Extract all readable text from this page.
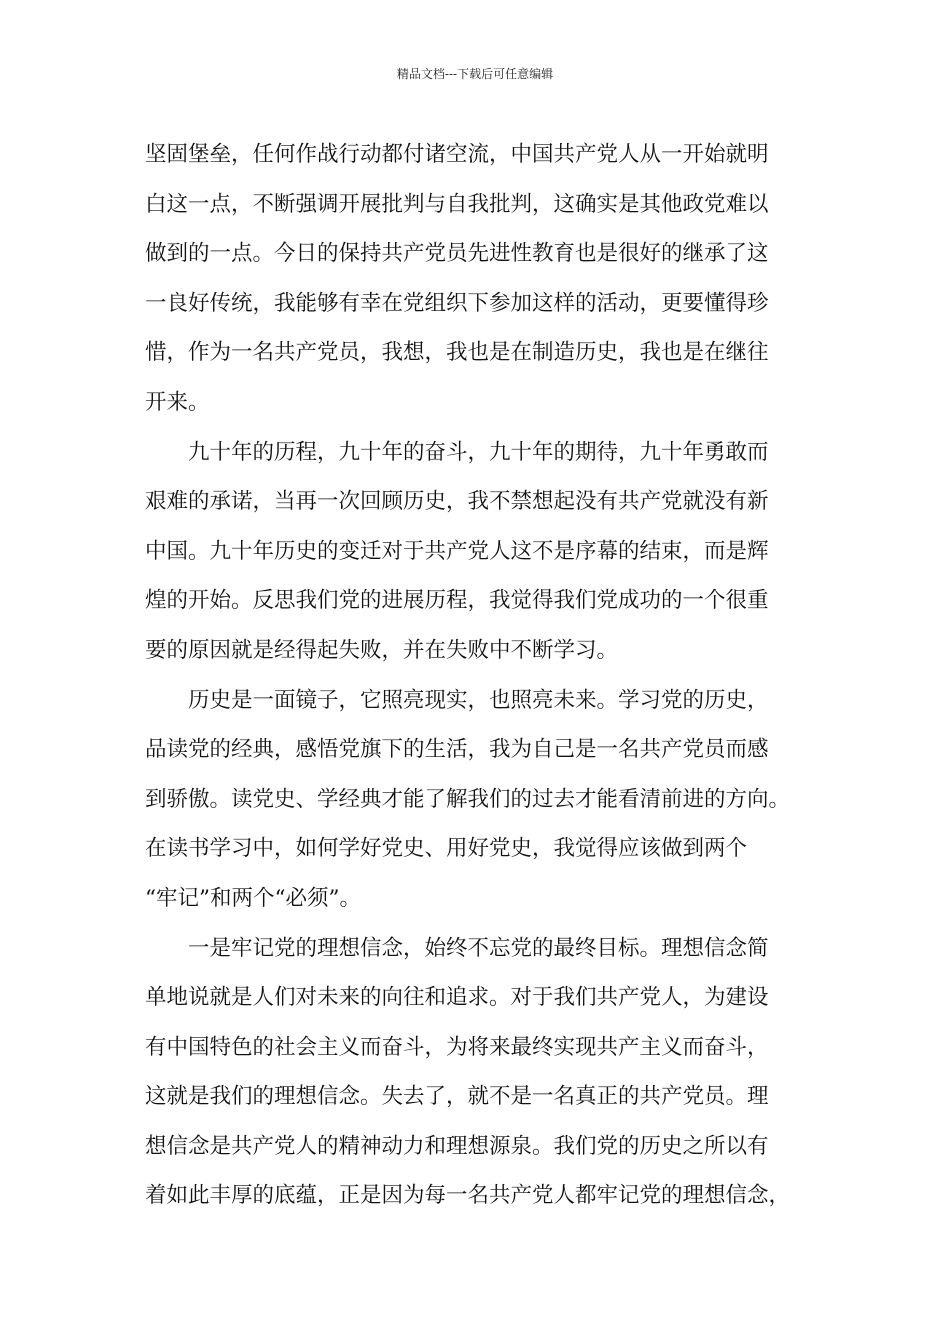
精品文档---下载后可任意编辑
坚固堡垒，任何作战行动都付诸空流，中国共产党人从一开始就明
白这一点，不断强调开展批判与自我批判，这确实是其他政党难以
做到的一点。今日的保持共产党员先进性教育也是很好的继承了这
一良好传统，我能够有幸在党组织下参加这样的活动，更要懂得珍
惜，作为一名共产党员，我想，我也是在制造历史，我也是在继往
开来。
　　九十年的历程，九十年的奋斗，九十年的期待，九十年勇敢而
艰难的承诺，当再一次回顾历史，我不禁想起没有共产党就没有新
中国。九十年历史的变迁对于共产党人这不是序幕的结束，而是辉
煌的开始。反思我们党的进展历程，我觉得我们党成功的一个很重
要的原因就是经得起失败，并在失败中不断学习。
　　历史是一面镜子，它照亮现实，也照亮未来。学习党的历史，
品读党的经典，感悟党旗下的生活，我为自己是一名共产党员而感
到骄傲。读党史、学经典才能了解我们的过去才能看清前进的方向。
在读书学习中，如何学好党史、用好党史，我觉得应该做到两个
“牢记”和两个“必须”。
　　一是牢记党的理想信念，始终不忘党的最终目标。理想信念简
单地说就是人们对未来的向往和追求。对于我们共产党人，为建设
有中国特色的社会主义而奋斗，为将来最终实现共产主义而奋斗，
这就是我们的理想信念。失去了，就不是一名真正的共产党员。理
想信念是共产党人的精神动力和理想源泉。我们党的历史之所以有
着如此丰厚的底蕴，正是因为每一名共产党人都牢记党的理想信念，
